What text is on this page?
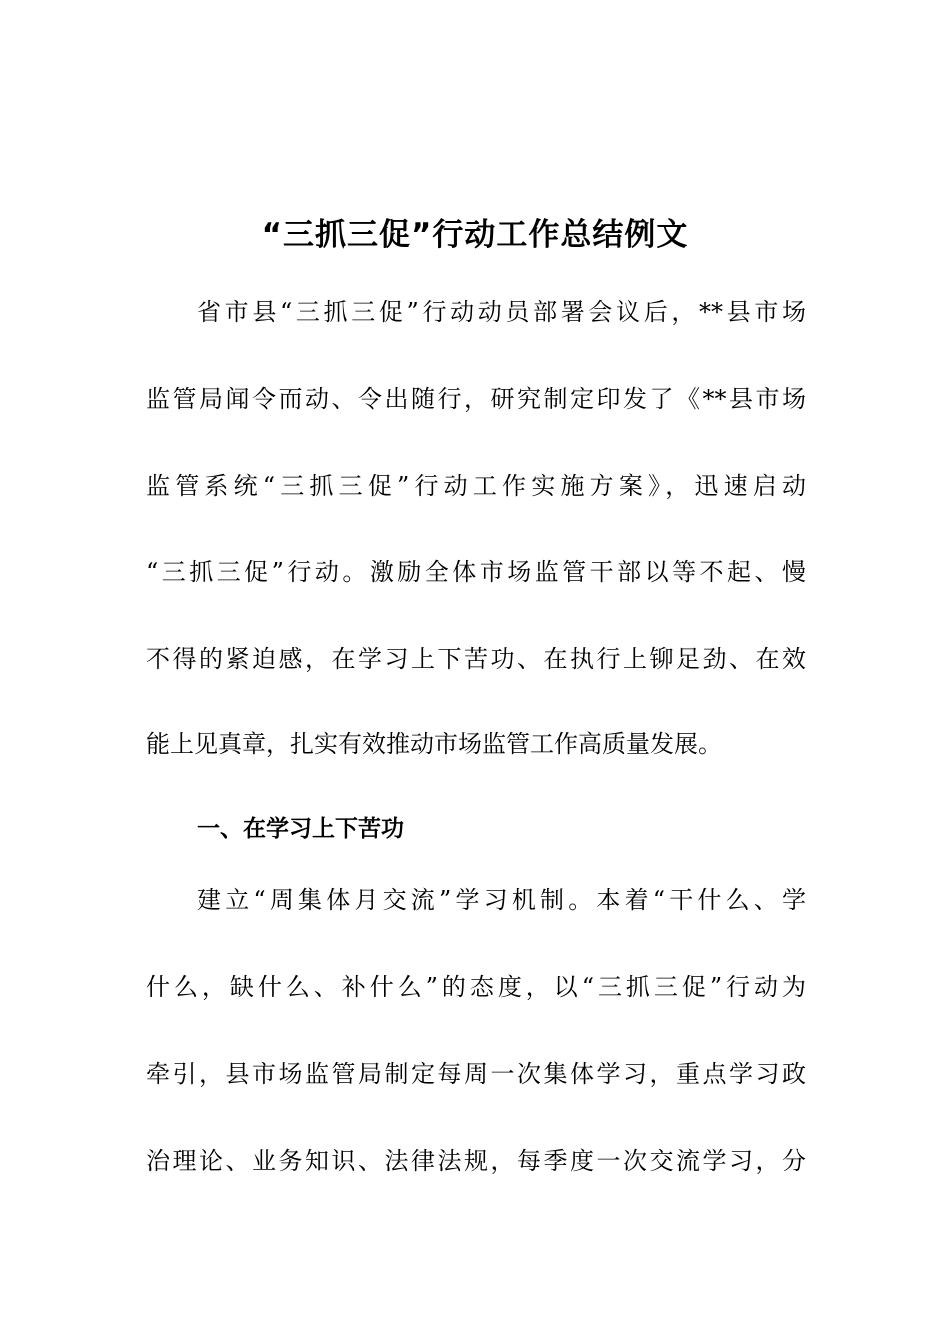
“三抓三促”行动工作总结例文
省市县“三抓三促”行动动员部署会议后，**县市场
监管局闻令而动、令出随行，研究制定印发了《**县市场
监管系统“三抓三促”行动工作实施方案》，迅速启动
“三抓三促”行动。激励全体市场监管干部以等不起、慢
不得的紧迫感，在学习上下苦功、在执行上铆足劲、在效
能上见真章，扎实有效推动市场监管工作高质量发展。
一、在学习上下苦功
建立“周集体月交流”学习机制。本着“干什么、学
什么，缺什么、补什么”的态度，以“三抓三促”行动为
牵引，县市场监管局制定每周一次集体学习，重点学习政
治理论、业务知识、法律法规，每季度一次交流学习，分
